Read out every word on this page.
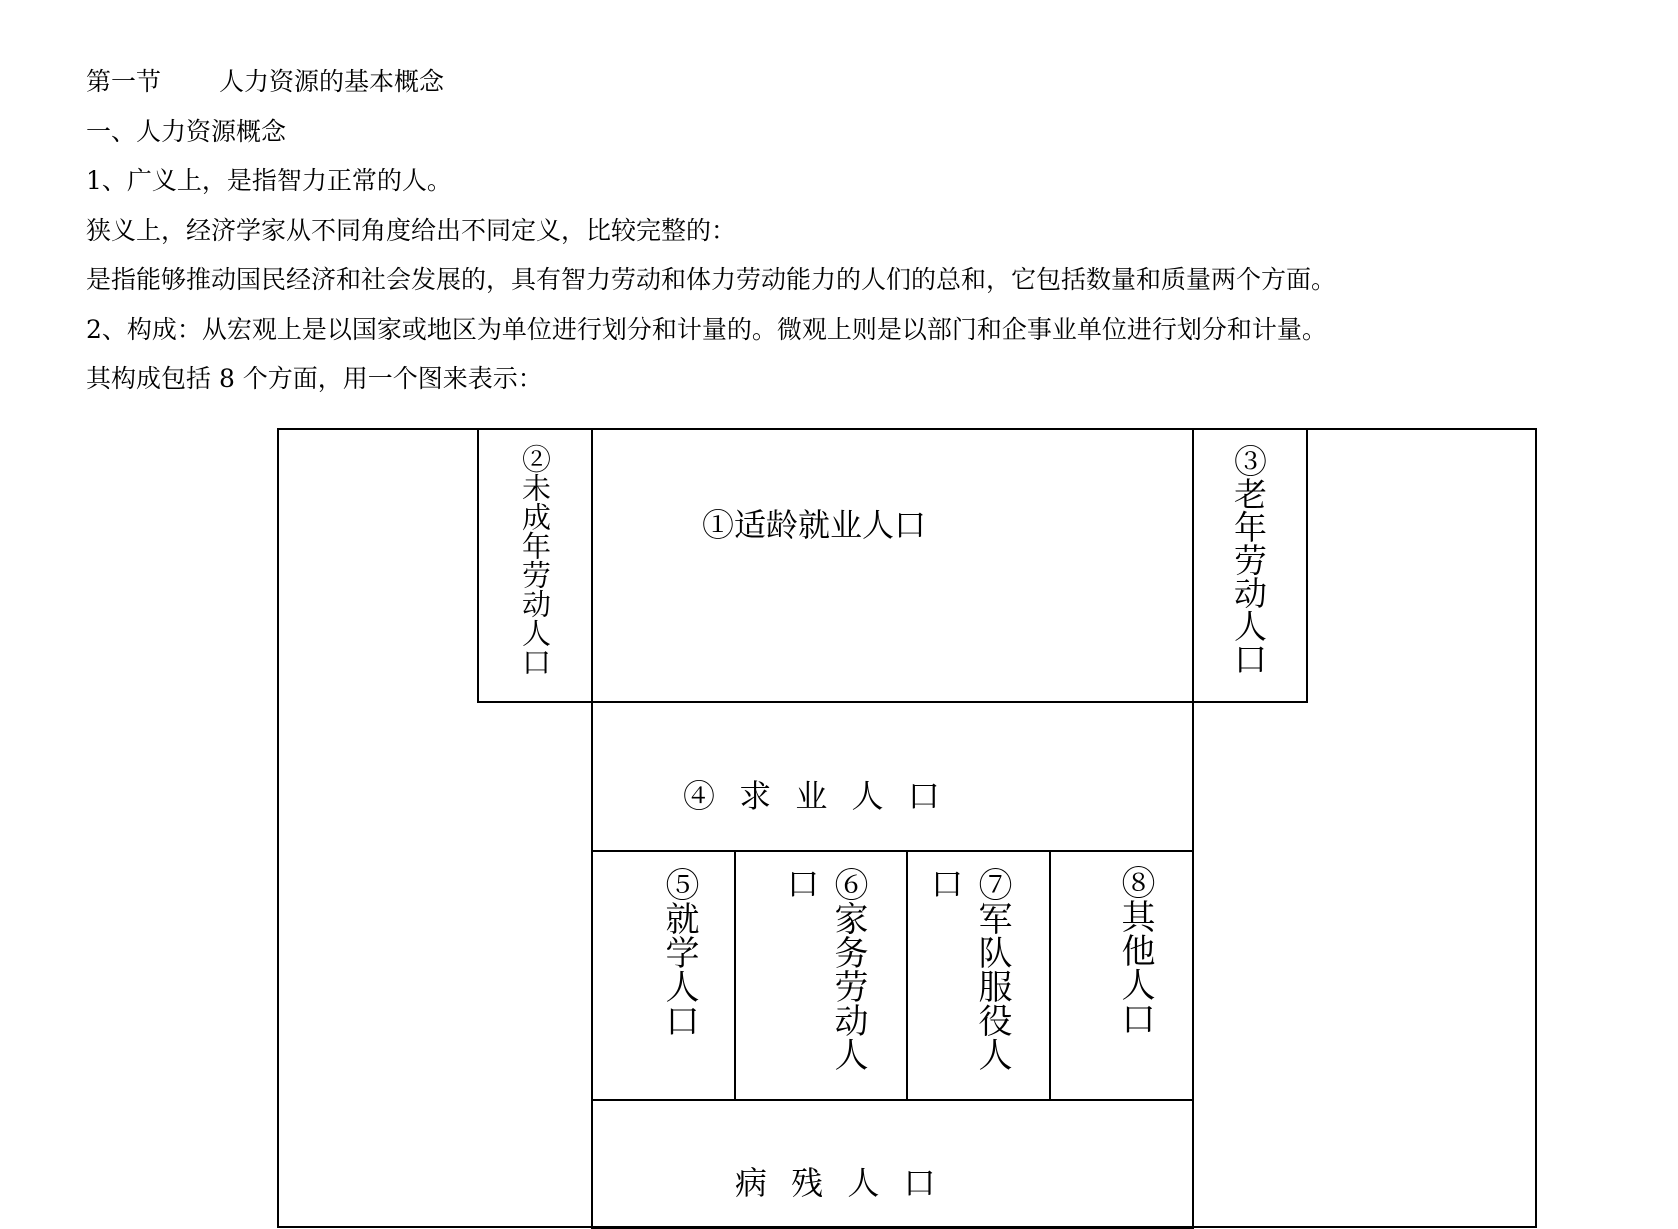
第一节 人力资源的基本概念
一、人力资源概念
1、广义上，是指智力正常的人。
狭义上，经济学家从不同角度给出不同定义，比较完整的：
是指能够推动国民经济和社会发展的，具有智力劳动和体力劳动能力的人们的总和，它包括数量和质量两个方面。
2、构成：从宏观上是以国家或地区为单位进行划分和计量的。微观上则是以部门和企事业单位进行划分和计量。
其构成包括 8 个方面，用一个图来表示：
①适龄就业人口
②未成年劳动人口	③老年劳动人口
④ 求 业 人 口
⑤就学人口	⑥家务劳动人
口	⑦军队服役人
口	⑧其他人口
病 残 人 口
